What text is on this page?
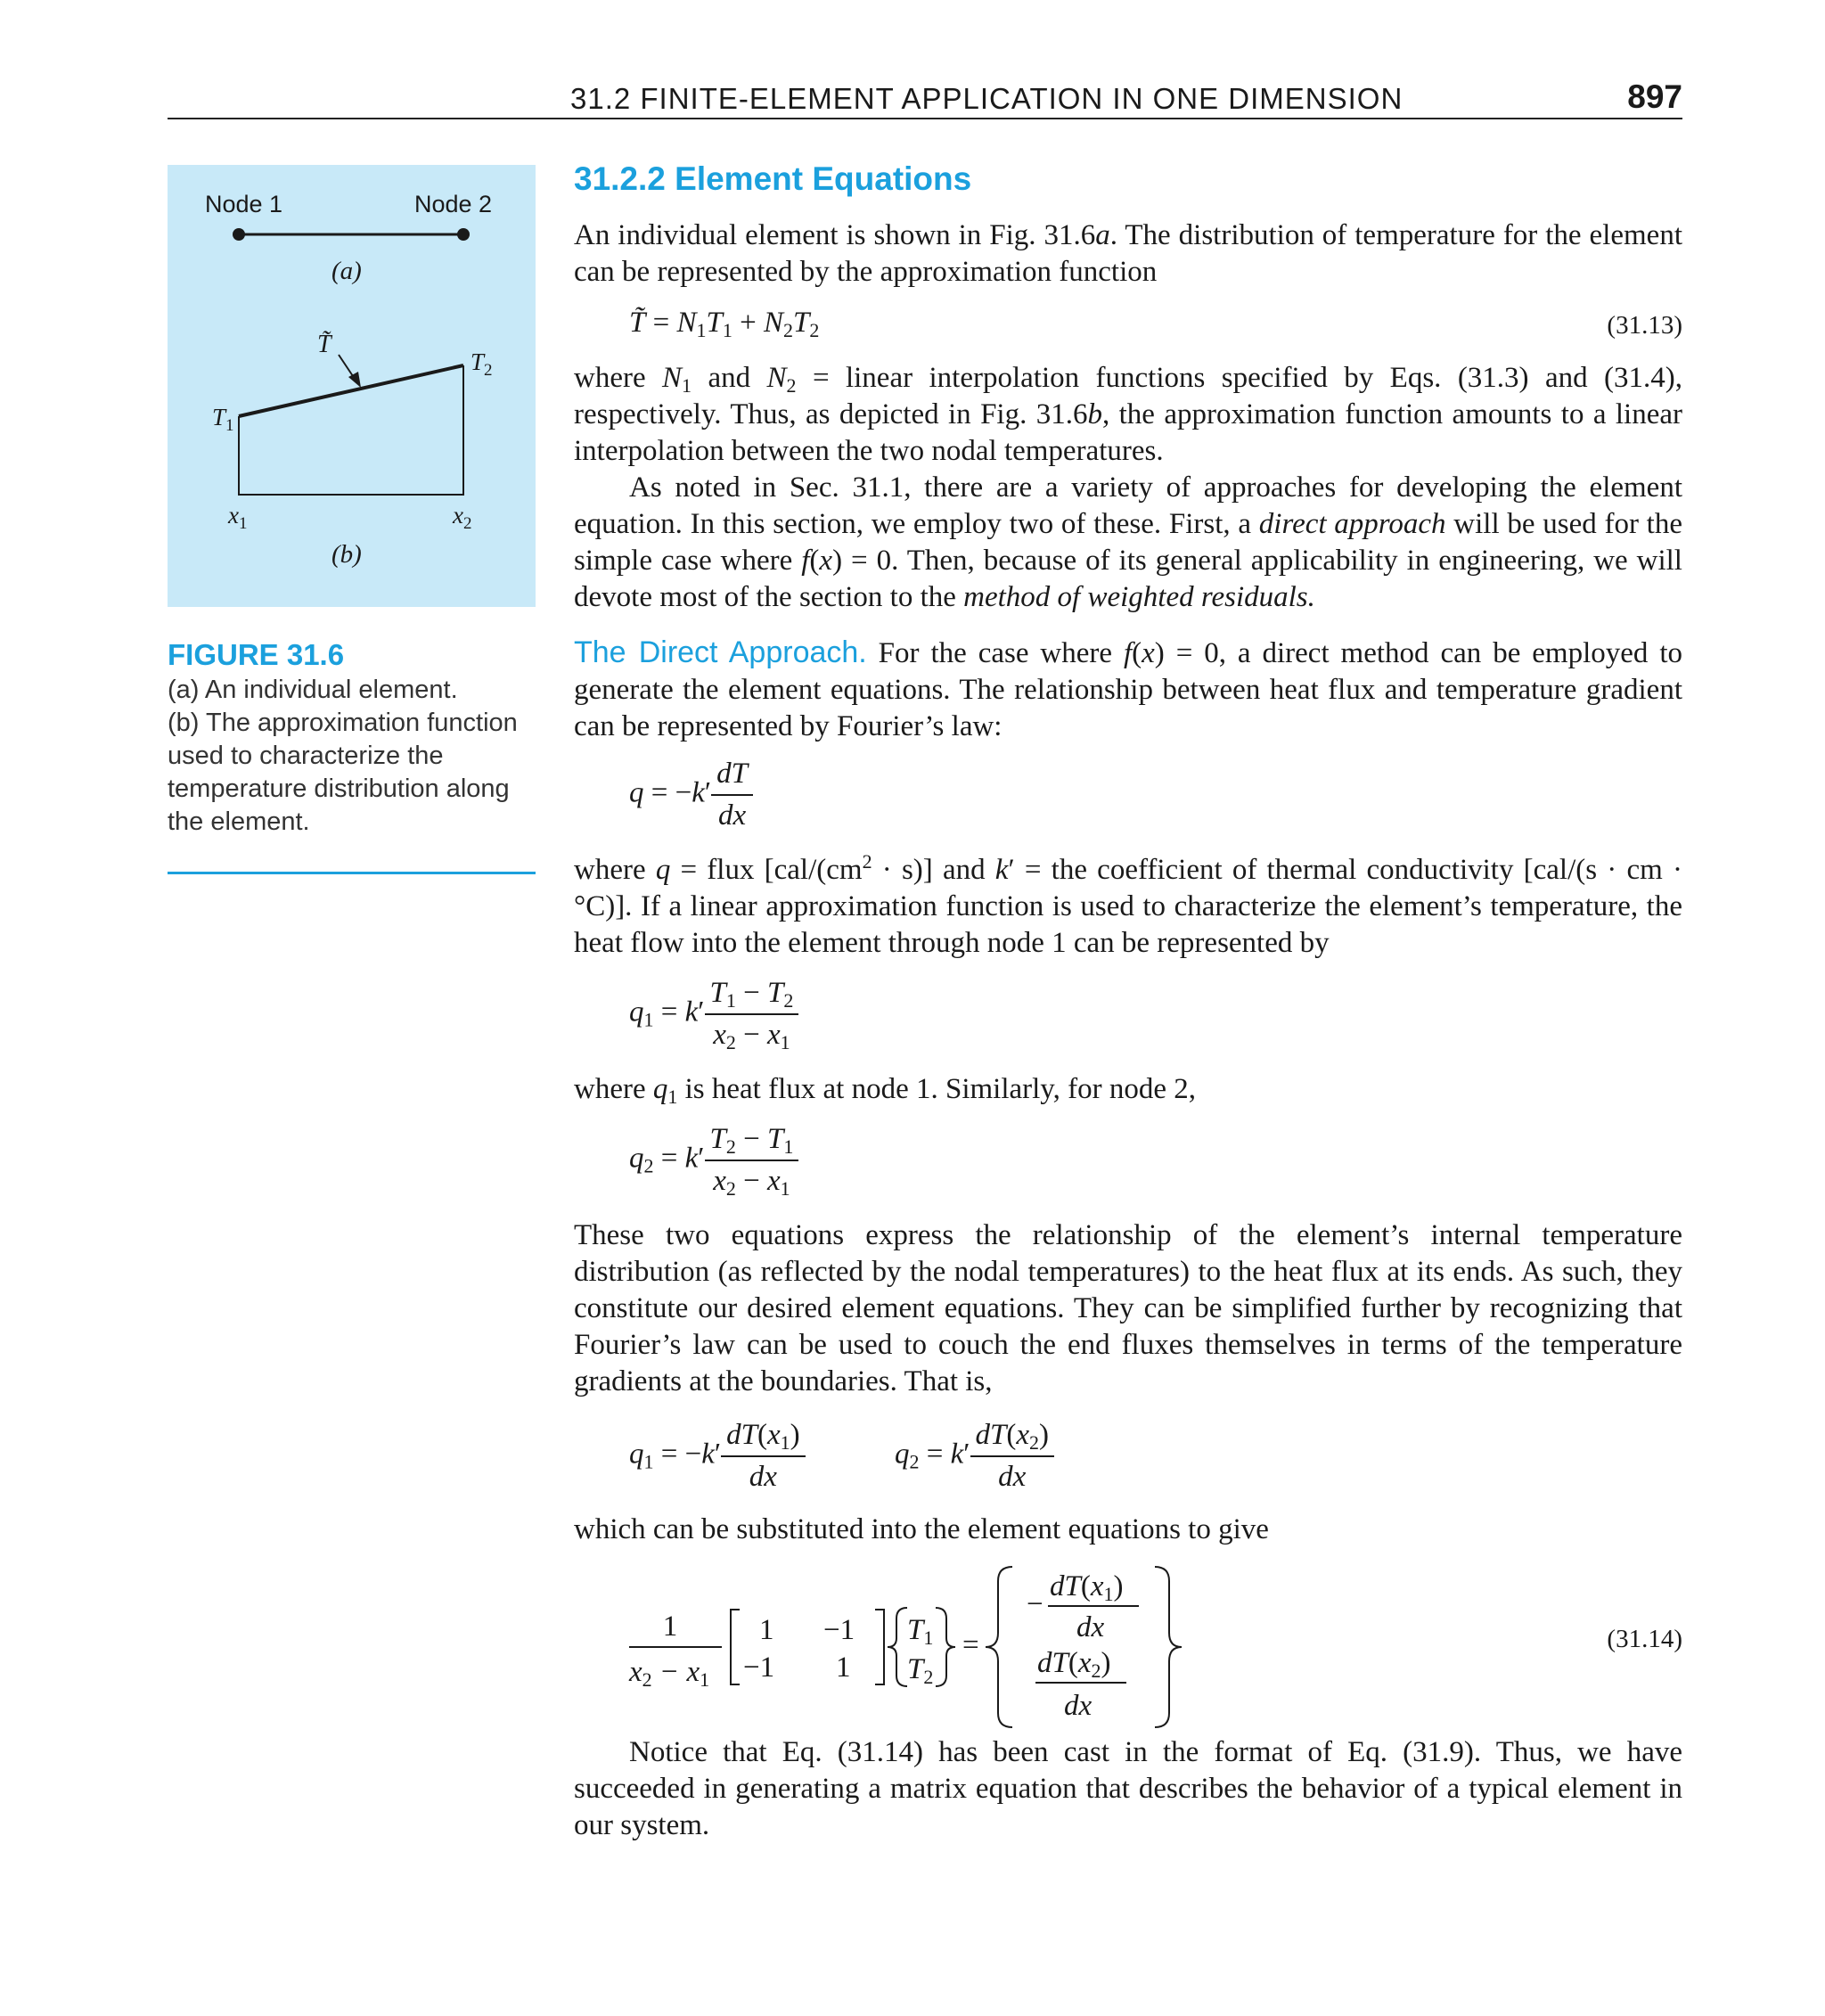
31.2 FINITE-ELEMENT APPLICATION IN ONE DIMENSION	897
Node 1	Node 2
(a)
T̃
$T_2$
$T_1$
$x_1$	$x_2$
(b)
FIGURE 31.6
(a) An individual element.
(b) The approximation function
used to characterize the
temperature distribution along
the element.
31.2.2 Element Equations

An individual element is shown in Fig. 31.6a. The distribution of temperature for the element can be represented by the approximation function

T̃ = $N_1T_1 + N_2T_2$	(31.13)

where $N_1$ and $N_2$ = linear interpolation functions specified by Eqs. (31.3) and (31.4), respectively. Thus, as depicted in Fig. 31.6b, the approximation function amounts to a linear interpolation between the two nodal temperatures.

As noted in Sec. 31.1, there are a variety of approaches for developing the element equation. In this section, we employ two of these. First, a direct approach will be used for the simple case where f(x) = 0. Then, because of its general applicability in engineering, we will devote most of the section to the method of weighted residuals.

The Direct Approach. For the case where f(x) = 0, a direct method can be employed to generate the element equations. The relationship between heat flux and temperature gradient can be represented by Fourier’s law:

$q = -k' \frac{dT}{dx}$

where q = flux $[cal/(cm^2 \cdot s)]$ and k′ = the coefficient of thermal conductivity [cal/(s · cm · °C)]. If a linear approximation function is used to characterize the element’s temperature, the heat flow into the element through node 1 can be represented by

$q_1 = k' \frac{T_1 - T_2}{x_2 - x_1}$

where $q_1$ is heat flux at node 1. Similarly, for node 2,

$q_2 = k' \frac{T_2 - T_1}{x_2 - x_1}$
These two equations express the relationship of the element’s internal temperature distribution (as reflected by the nodal temperatures) to the heat flux at its ends. As such, they constitute our desired element equations. They can be simplified further by recognizing that Fourier’s law can be used to couch the end fluxes themselves in terms of the temperature gradients at the boundaries. That is,
$q_1 = -k' \frac{dT(x_1)}{dx}$	$q_2 = k' \frac{dT(x_2)}{dx}$
which can be substituted into the element equations to give
1
x2 − x1
1 −1
−1 1
T1
T2
=
−
dT(x1)
dx
dT(x2)
dx
(31.14)

Notice that Eq. (31.14) has been cast in the format of Eq. (31.9). Thus, we have succeeded in generating a matrix equation that describes the behavior of a typical element in our system.
